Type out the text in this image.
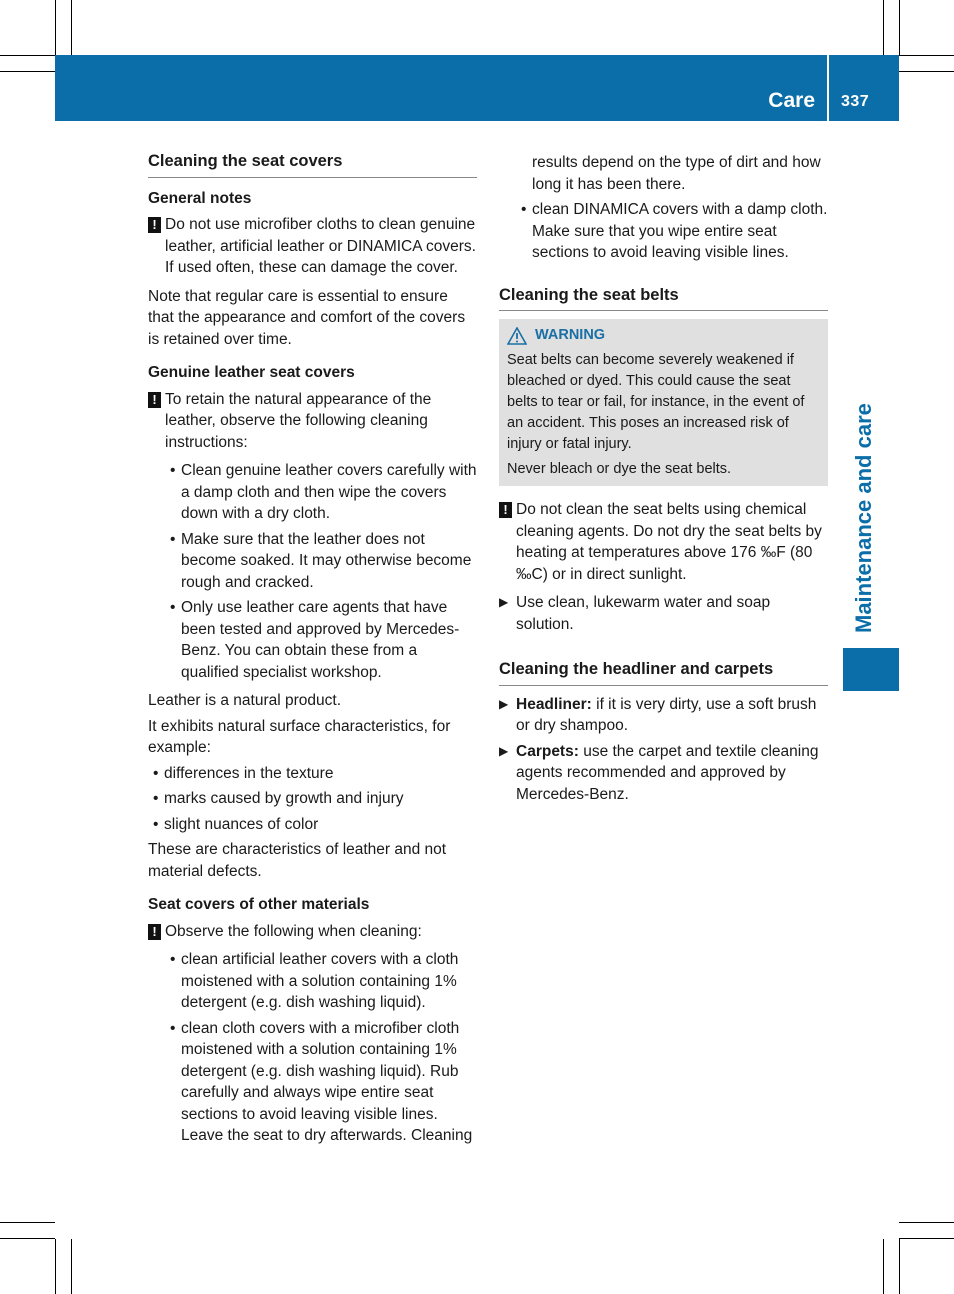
Care 337
Maintenance and care

Cleaning the seat covers

General notes

! Do not use microfiber cloths to clean genuine leather, artificial leather or DINAMICA covers. If used often, these can damage the cover.

Note that regular care is essential to ensure that the appearance and comfort of the covers is retained over time.

Genuine leather seat covers

! To retain the natural appearance of the leather, observe the following cleaning instructions:

• Clean genuine leather covers carefully with a damp cloth and then wipe the covers down with a dry cloth.

• Make sure that the leather does not become soaked. It may otherwise become rough and cracked.

• Only use leather care agents that have been tested and approved by Mercedes-Benz. You can obtain these from a qualified specialist workshop.

Leather is a natural product.

It exhibits natural surface characteristics, for example:

• differences in the texture

• marks caused by growth and injury

• slight nuances of color

These are characteristics of leather and not material defects.

Seat covers of other materials

! Observe the following when cleaning:

• clean artificial leather covers with a cloth moistened with a solution containing 1% detergent (e.g. dish washing liquid).

• clean cloth covers with a microfiber cloth moistened with a solution containing 1% detergent (e.g. dish washing liquid). Rub carefully and always wipe entire seat sections to avoid leaving visible lines. Leave the seat to dry afterwards. Cleaning

results depend on the type of dirt and how long it has been there.

• clean DINAMICA covers with a damp cloth. Make sure that you wipe entire seat sections to avoid leaving visible lines.

Cleaning the seat belts

WARNING

Seat belts can become severely weakened if bleached or dyed. This could cause the seat belts to tear or fail, for instance, in the event of an accident. This poses an increased risk of injury or fatal injury.

Never bleach or dye the seat belts.

! Do not clean the seat belts using chemical cleaning agents. Do not dry the seat belts by heating at temperatures above 176 ‰F (80 ‰C) or in direct sunlight.
▶ Use clean, lukewarm water and soap solution.

Cleaning the headliner and carpets

▶ Headliner: if it is very dirty, use a soft brush or dry shampoo.
▶ Carpets: use the carpet and textile cleaning agents recommended and approved by Mercedes-Benz.
